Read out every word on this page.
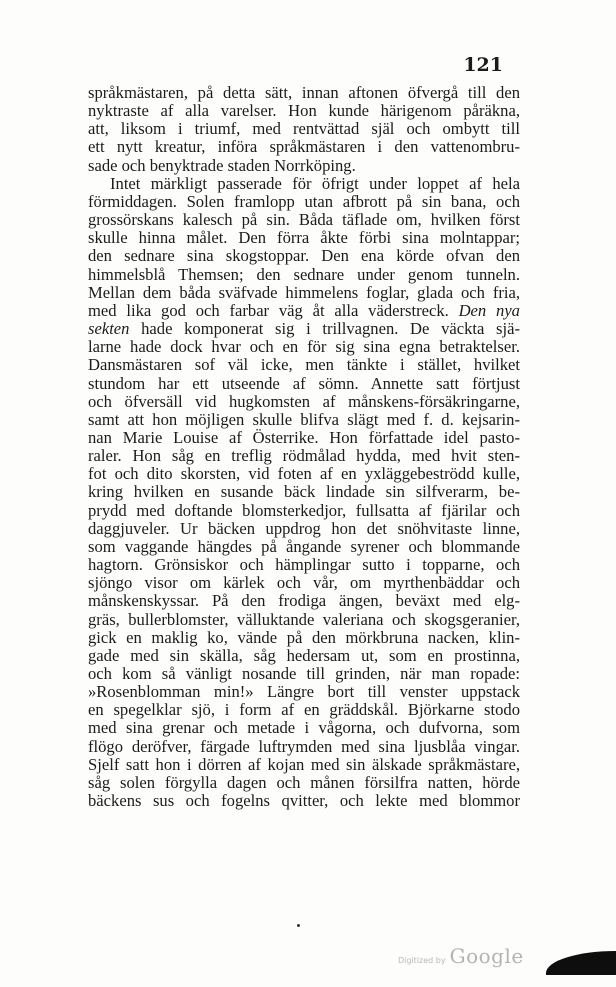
121
språkmästaren, på detta sätt, innan aftonen öfvergå till den
nyktraste af alla varelser. Hon kunde härigenom påräkna,
att, liksom i triumf, med rentvättad själ och ombytt till
ett nytt kreatur, införa språkmästaren i den vattenombru-
sade och benyktrade staden Norrköping.
Intet märkligt passerade för öfrigt under loppet af hela
förmiddagen. Solen framlopp utan afbrott på sin bana, och
grossörskans kalesch på sin. Båda täflade om, hvilken först
skulle hinna målet. Den förra åkte förbi sina molntappar;
den sednare sina skogstoppar. Den ena körde ofvan den
himmelsblå Themsen; den sednare under genom tunneln.
Mellan dem båda sväfvade himmelens foglar, glada och fria,
med lika god och farbar väg åt alla väderstreck. Den nya
sekten hade komponerat sig i trillvagnen. De väckta sjä-
larne hade dock hvar och en för sig sina egna betraktelser.
Dansmästaren sof väl icke, men tänkte i stället, hvilket
stundom har ett utseende af sömn. Annette satt förtjust
och öfversäll vid hugkomsten af månskens-försäkringarne,
samt att hon möjligen skulle blifva slägt med f. d. kejsarin-
nan Marie Louise af Österrike. Hon författade idel pasto-
raler. Hon såg en treflig rödmålad hydda, med hvit sten-
fot och dito skorsten, vid foten af en yxläggebeströdd kulle,
kring hvilken en susande bäck lindade sin silfverarm, be-
prydd med doftande blomsterkedjor, fullsatta af fjärilar och
daggjuveler. Ur bäcken uppdrog hon det snöhvitaste linne,
som vaggande hängdes på ångande syrener och blommande
hagtorn. Grönsiskor och hämplingar sutto i topparne, och
sjöngo visor om kärlek och vår, om myrthenbäddar och
månskenskyssar. På den frodiga ängen, beväxt med elg-
gräs, bullerblomster, välluktande valeriana och skogsgeranier,
gick en maklig ko, vände på den mörkbruna nacken, klin-
gade med sin skälla, såg hedersam ut, som en prostinna,
och kom så vänligt nosande till grinden, när man ropade:
»Rosenblomman min!» Längre bort till venster uppstack
en spegelklar sjö, i form af en gräddskål. Björkarne stodo
med sina grenar och metade i vågorna, och dufvorna, som
flögo deröfver, färgade luftrymden med sina ljusblåa vingar.
Sjelf satt hon i dörren af kojan med sin älskade språkmästare,
såg solen förgylla dagen och månen försilfra natten, hörde
bäckens sus och fogelns qvitter, och lekte med blommor
Digitized by Google
